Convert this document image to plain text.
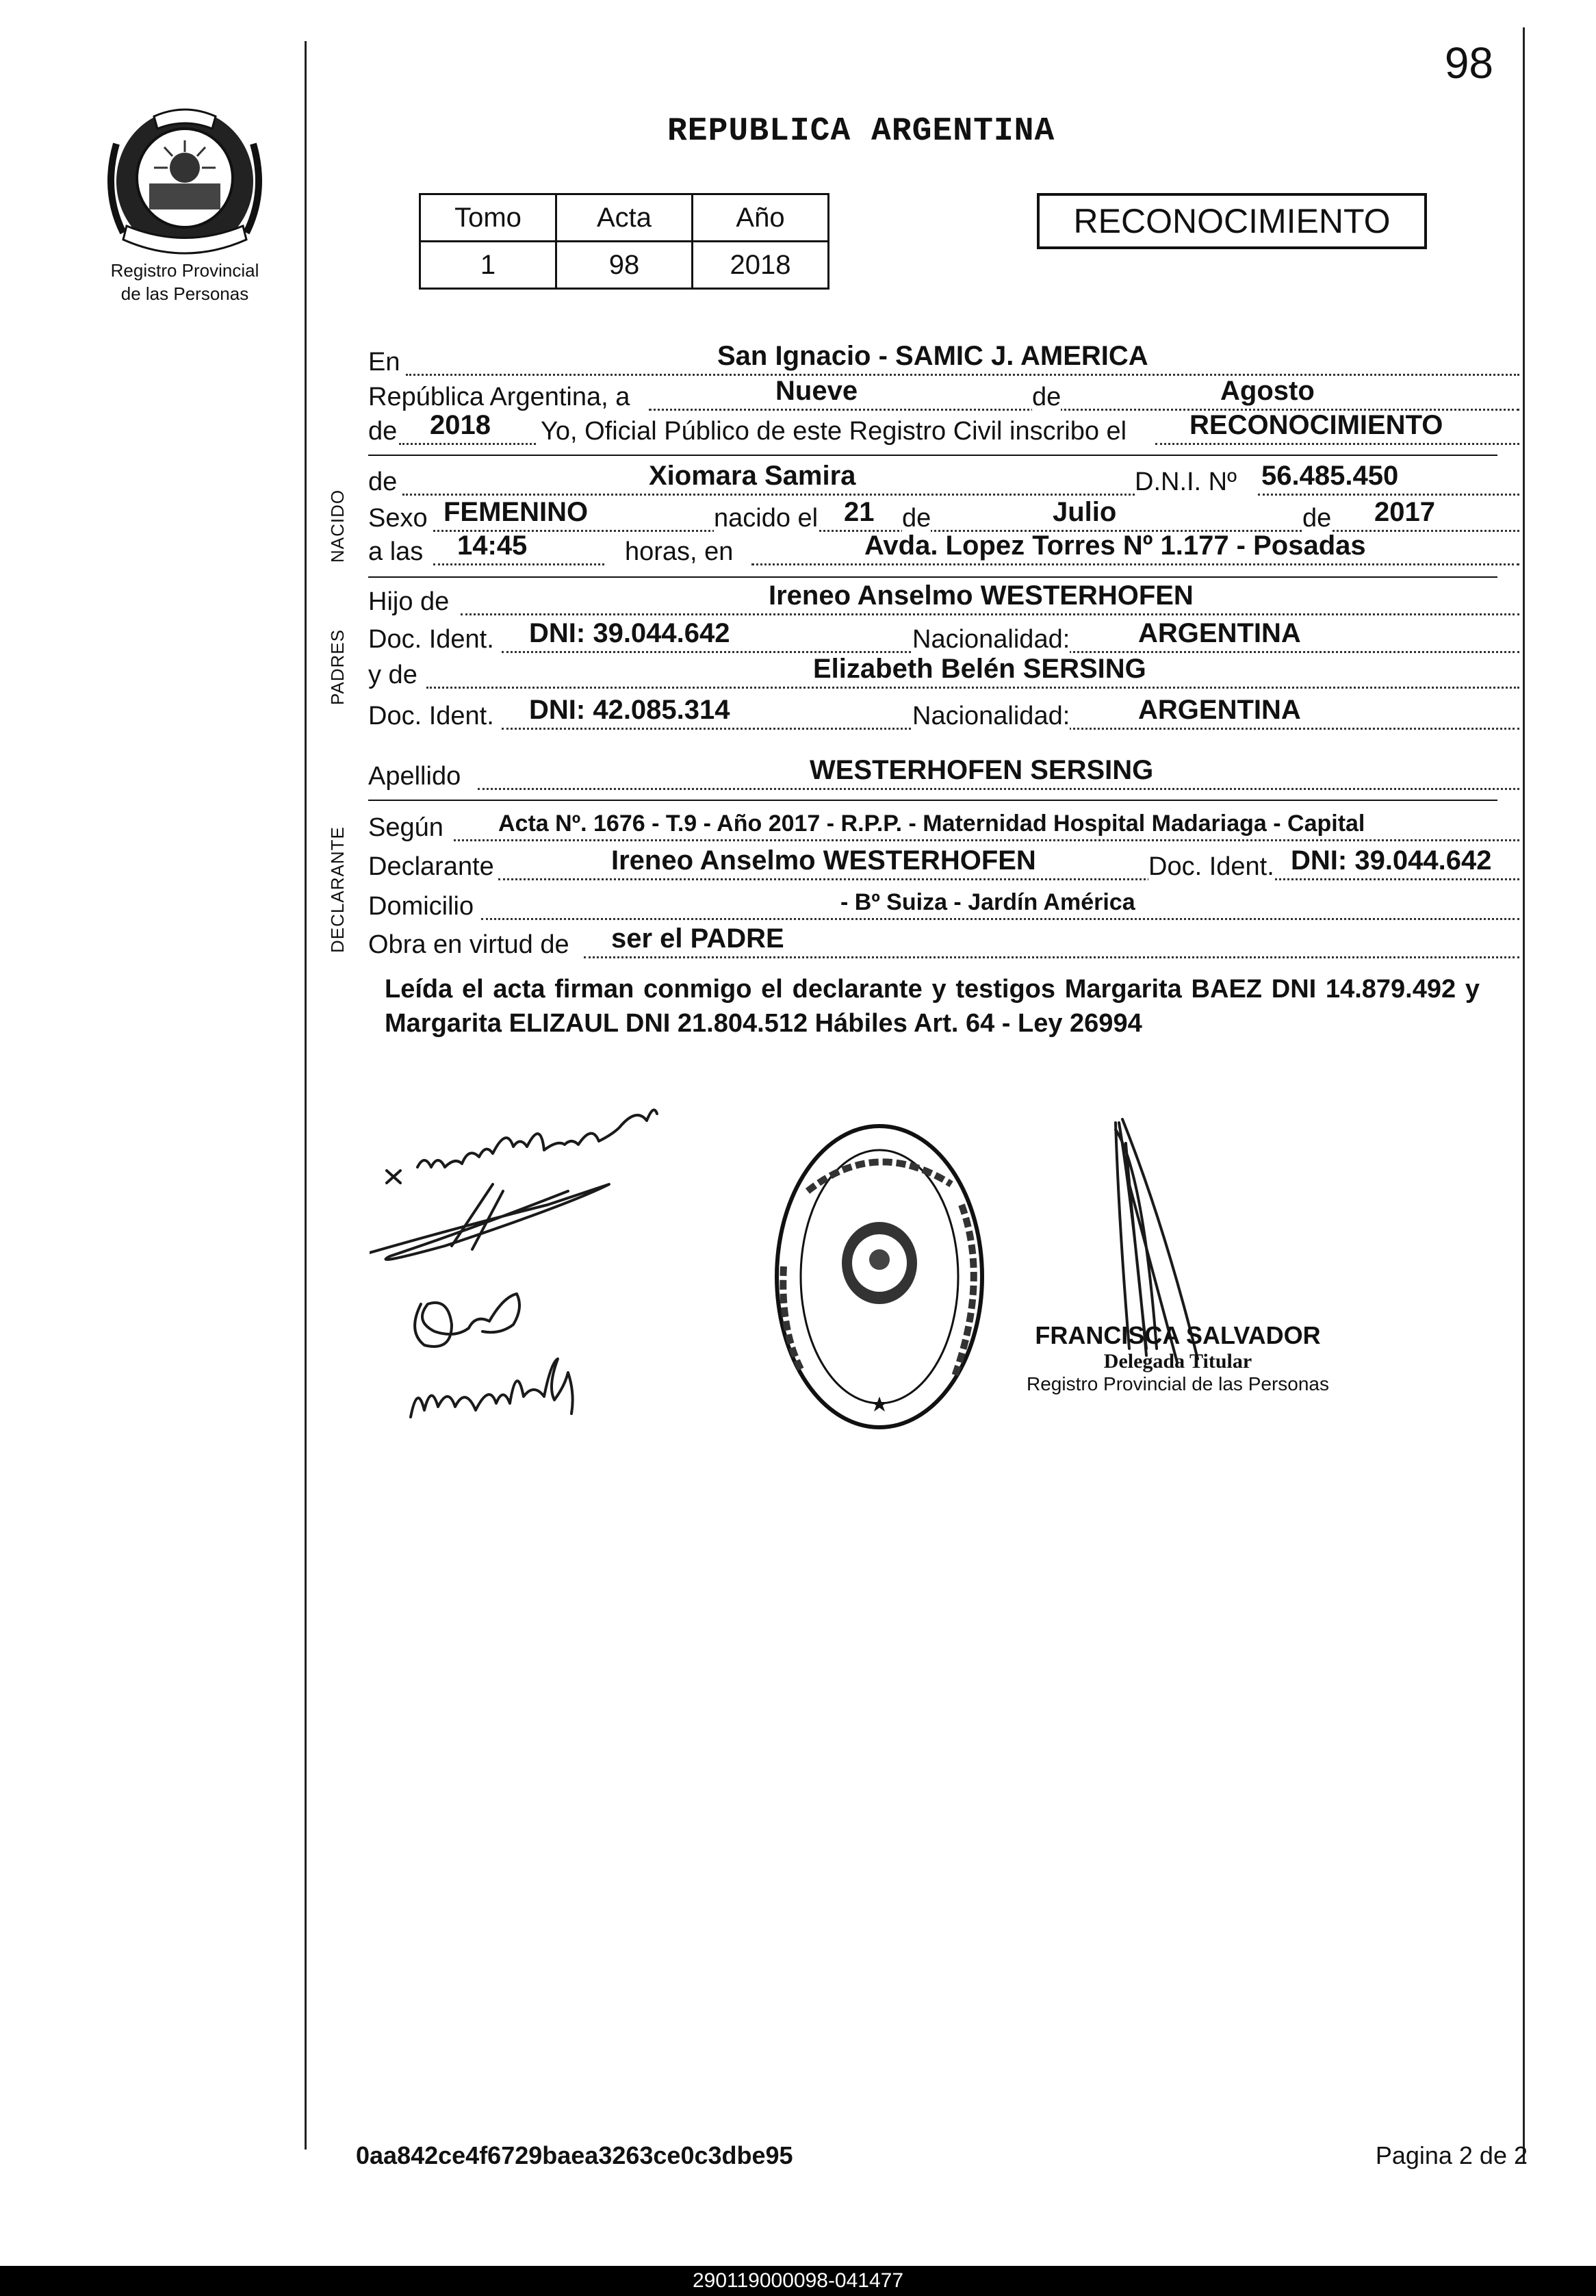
98
Registro Provincial
de las Personas
REPUBLICA ARGENTINA
Tomo	Acta	Año
1	98	2018
RECONOCIMIENTO
NACIDO
PADRES
DECLARANTE
En	San Ignacio - SAMIC J. AMERICA
República Argentina, a	Nueve	de	Agosto
de 2018 Yo, Oficial Público de este Registro Civil inscribo el RECONOCIMIENTO
de	Xiomara Samira	D.N.I. Nº 56.485.450
Sexo FEMENINO	nacido el 21 de	Julio	de 2017
a las 14:45	horas, en	Avda. Lopez Torres Nº 1.177 - Posadas
Hijo de	Ireneo Anselmo WESTERHOFEN
Doc. Ident. DNI: 39.044.642	Nacionalidad: ARGENTINA
y de	Elizabeth Belén SERSING
Doc. Ident. DNI: 42.085.314	Nacionalidad: ARGENTINA
Apellido	WESTERHOFEN SERSING
Según Acta Nº. 1676 - T.9 - Año 2017 - R.P.P. - Maternidad Hospital Madariaga - Capital
Declarante	Ireneo Anselmo WESTERHOFEN	Doc. Ident. DNI: 39.044.642
Domicilio	- Bº Suiza - Jardín América
Obra en virtud de ser el PADRE
Leída el acta firman conmigo el declarante y testigos Margarita BAEZ DNI 14.879.492 y Margarita ELIZAUL DNI 21.804.512 Hábiles Art. 64 - Ley 26994
FRANCISCA SALVADOR
Delegada Titular
Registro Provincial de las Personas
0aa842ce4f6729baea3263ce0c3dbe95	Pagina 2 de 2
290119000098-041477
